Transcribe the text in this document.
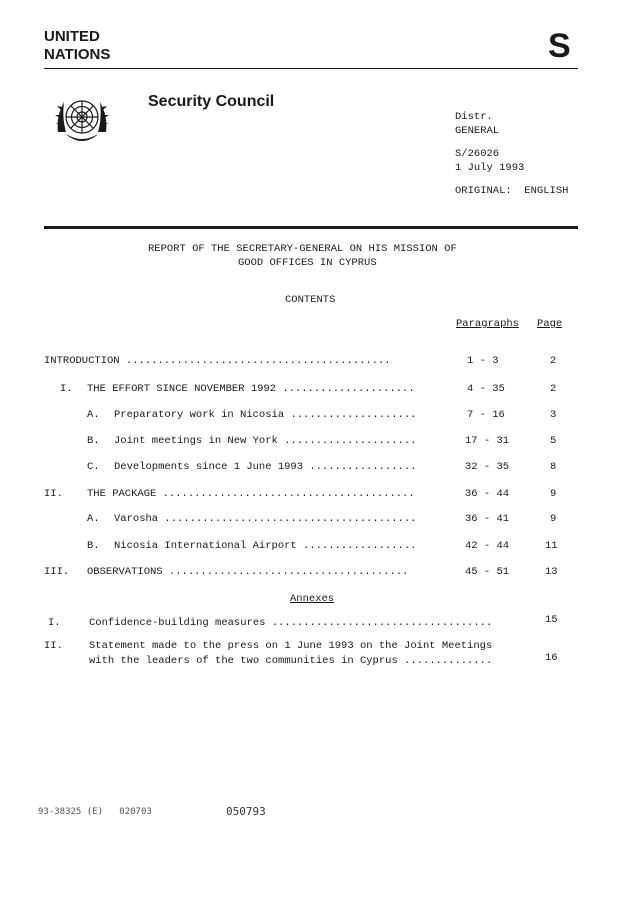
UNITED
NATIONS	S
Security Council
Distr.
GENERAL
S/26026
1 July 1993
ORIGINAL:  ENGLISH
REPORT OF THE SECRETARY-GENERAL ON HIS MISSION OF
GOOD OFFICES IN CYPRUS
CONTENTS
Paragraphs Page
INTRODUCTION ..........................................	1 - 3	2
I. THE EFFORT SINCE NOVEMBER 1992 .....................	4 - 35	2
A. Preparatory work in Nicosia ....................	7 - 16	3
B. Joint meetings in New York .....................	17 - 31	5
C. Developments since 1 June 1993 .................	32 - 35	8
II. THE PACKAGE ........................................	36 - 44	9
A. Varosha ........................................	36 - 41	9
B. Nicosia International Airport ..................	42 - 44	11
III. OBSERVATIONS ......................................	45 - 51	13
Annexes
I.	Confidence-building measures ...................................	15
II. Statement made to the press on 1 June 1993 on the Joint Meetings
with the leaders of the two communities in Cyprus ..............	16
93-38325 (E)   020703	050793
